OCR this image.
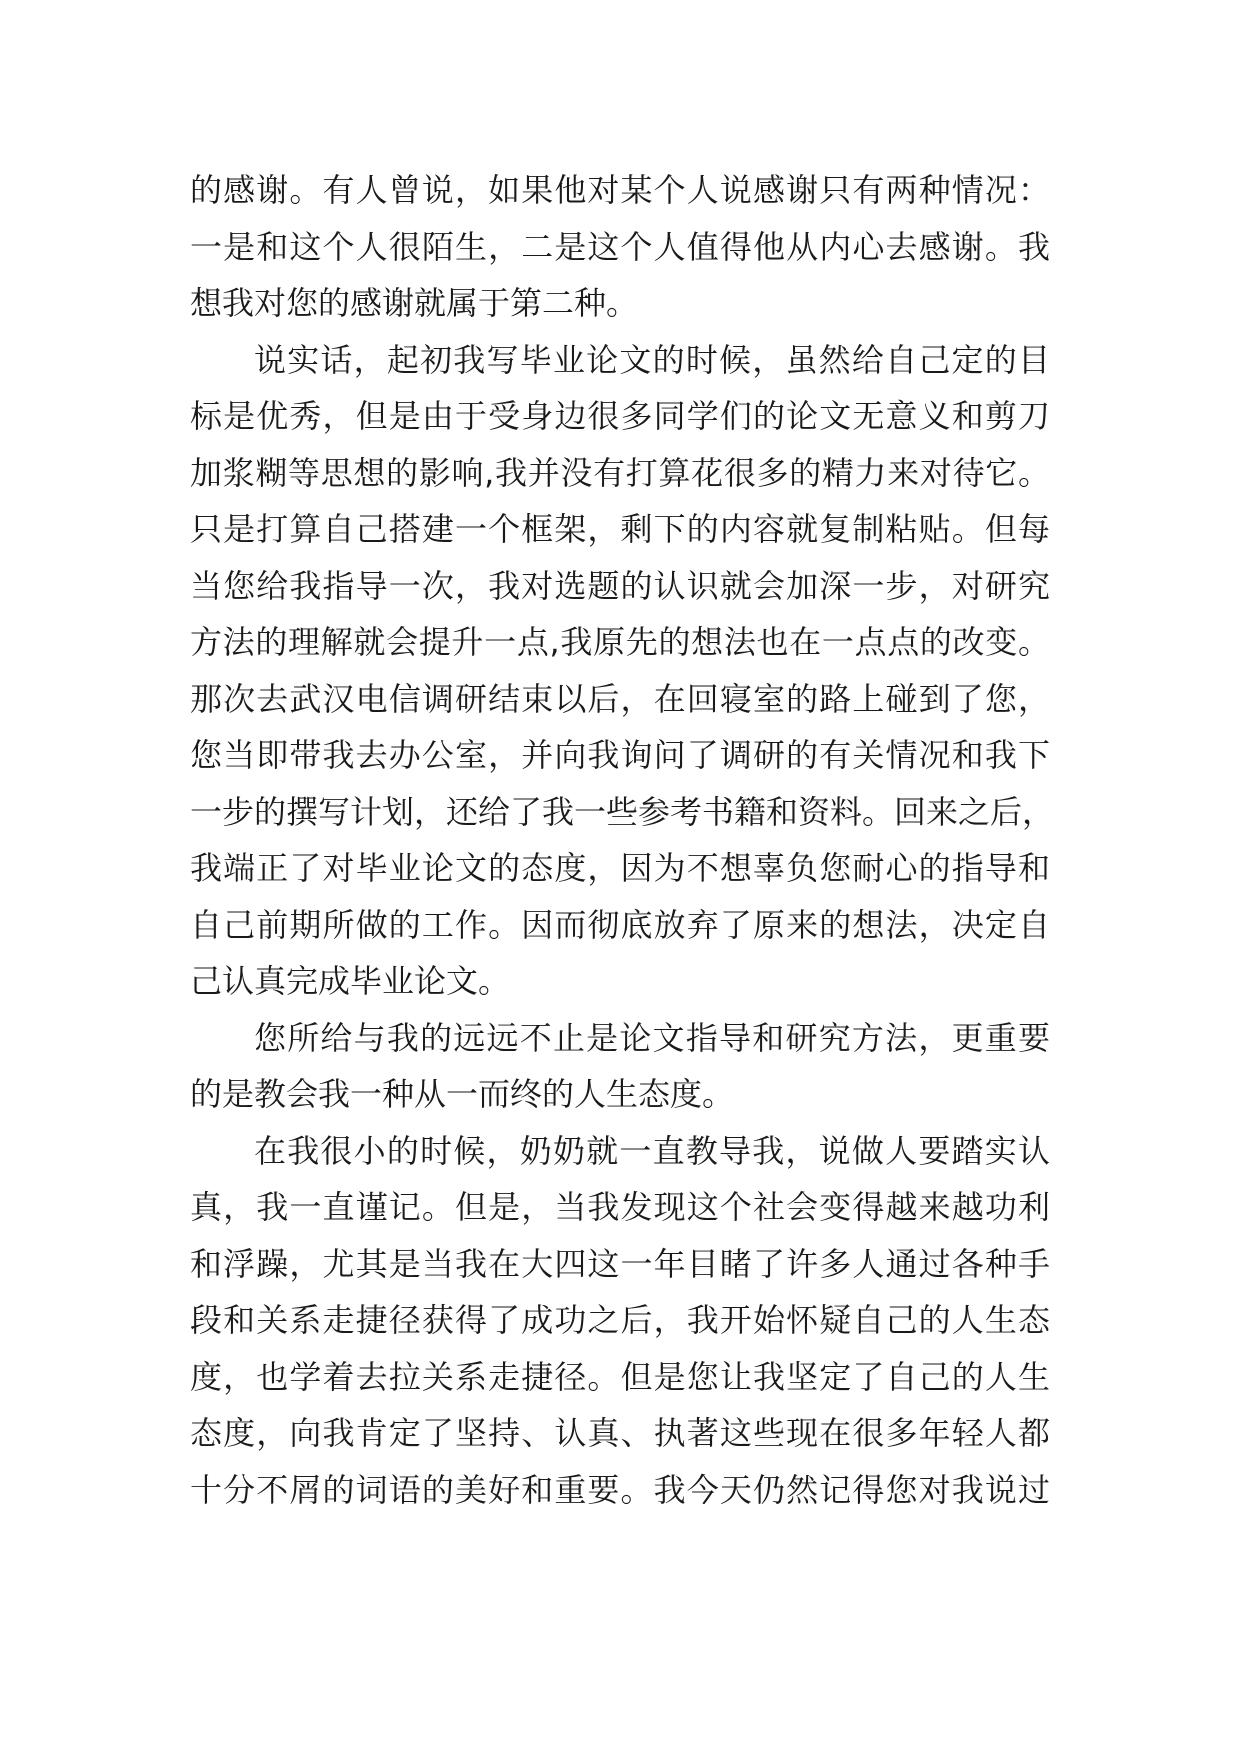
的感谢。有人曾说，如果他对某个人说感谢只有两种情况：
一是和这个人很陌生，二是这个人值得他从内心去感谢。我
想我对您的感谢就属于第二种。
说实话，起初我写毕业论文的时候，虽然给自己定的目
标是优秀，但是由于受身边很多同学们的论文无意义和剪刀
加浆糊等思想的影响,我并没有打算花很多的精力来对待它。
只是打算自己搭建一个框架，剩下的内容就复制粘贴。但每
当您给我指导一次，我对选题的认识就会加深一步，对研究
方法的理解就会提升一点,我原先的想法也在一点点的改变。
那次去武汉电信调研结束以后，在回寝室的路上碰到了您，
您当即带我去办公室，并向我询问了调研的有关情况和我下
一步的撰写计划，还给了我一些参考书籍和资料。回来之后，
我端正了对毕业论文的态度，因为不想辜负您耐心的指导和
自己前期所做的工作。因而彻底放弃了原来的想法，决定自
己认真完成毕业论文。
您所给与我的远远不止是论文指导和研究方法，更重要
的是教会我一种从一而终的人生态度。
在我很小的时候，奶奶就一直教导我，说做人要踏实认
真，我一直谨记。但是，当我发现这个社会变得越来越功利
和浮躁，尤其是当我在大四这一年目睹了许多人通过各种手
段和关系走捷径获得了成功之后，我开始怀疑自己的人生态
度，也学着去拉关系走捷径。但是您让我坚定了自己的人生
态度，向我肯定了坚持、认真、执著这些现在很多年轻人都
十分不屑的词语的美好和重要。我今天仍然记得您对我说过
